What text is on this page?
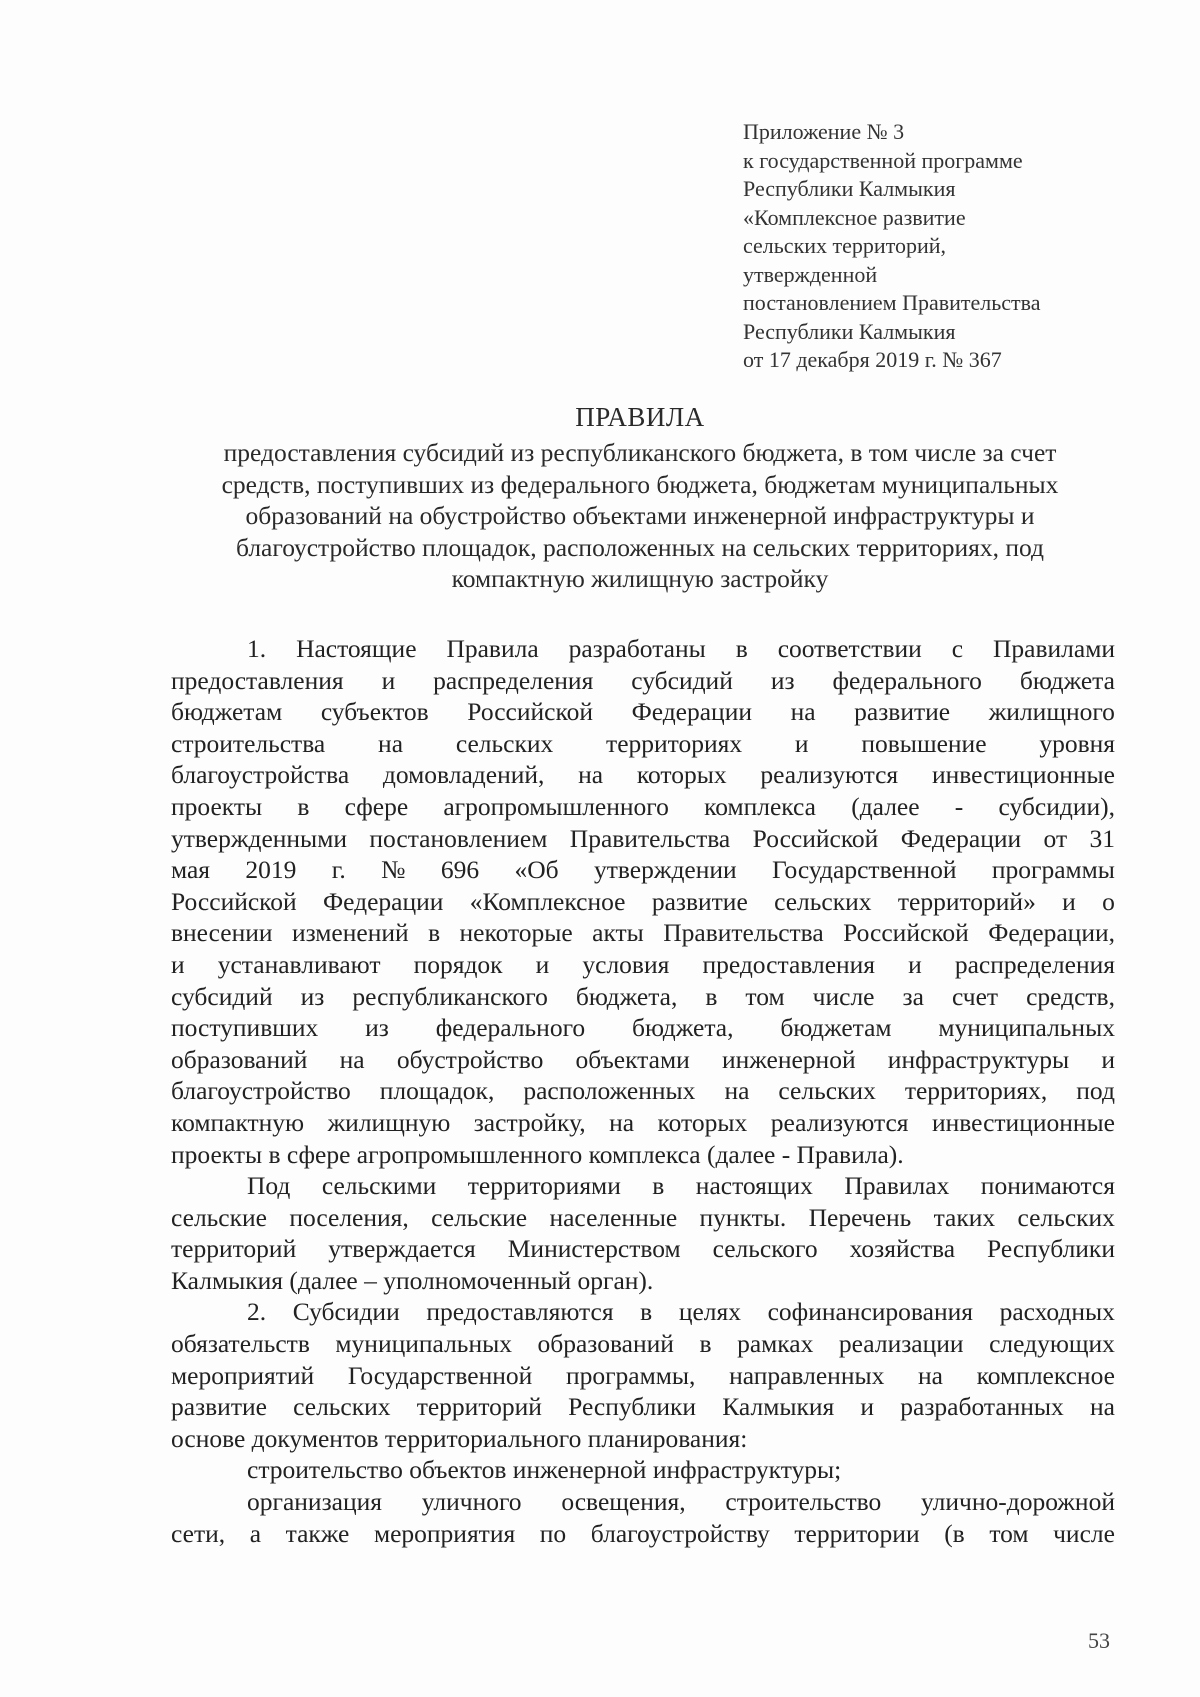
Приложение № 3
к государственной программе
Республики Калмыкия
«Комплексное развитие
сельских территорий,
утвержденной
постановлением Правительства
Республики Калмыкия
от 17 декабря 2019 г. № 367
ПРАВИЛА
предоставления субсидий из республиканского бюджета, в том числе за счет
средств, поступивших из федерального бюджета, бюджетам муниципальных
образований на обустройство объектами инженерной инфраструктуры и
благоустройство площадок, расположенных на сельских территориях, под
компактную жилищную застройку
1. Настоящие Правила разработаны в соответствии с Правилами
предоставления и распределения субсидий из федерального бюджета
бюджетам субъектов Российской Федерации на развитие жилищного
строительства на сельских территориях и повышение уровня
благоустройства домовладений, на которых реализуются инвестиционные
проекты в сфере агропромышленного комплекса (далее - субсидии),
утвержденными постановлением Правительства Российской Федерации от 31
мая 2019 г. № 696 «Об утверждении Государственной программы
Российской Федерации «Комплексное развитие сельских территорий» и о
внесении изменений в некоторые акты Правительства Российской Федерации,
и устанавливают порядок и условия предоставления и распределения
субсидий из республиканского бюджета, в том числе за счет средств,
поступивших из федерального бюджета, бюджетам муниципальных
образований на обустройство объектами инженерной инфраструктуры и
благоустройство площадок, расположенных на сельских территориях, под
компактную жилищную застройку, на которых реализуются инвестиционные
проекты в сфере агропромышленного комплекса (далее - Правила).
Под сельскими территориями в настоящих Правилах понимаются
сельские поселения, сельские населенные пункты. Перечень таких сельских
территорий утверждается Министерством сельского хозяйства Республики
Калмыкия (далее – уполномоченный орган).
2. Субсидии предоставляются в целях софинансирования расходных
обязательств муниципальных образований в рамках реализации следующих
мероприятий Государственной программы, направленных на комплексное
развитие сельских территорий Республики Калмыкия и разработанных на
основе документов территориального планирования:
строительство объектов инженерной инфраструктуры;
организация уличного освещения, строительство улично-дорожной
сети, а также мероприятия по благоустройству территории (в том числе
53
